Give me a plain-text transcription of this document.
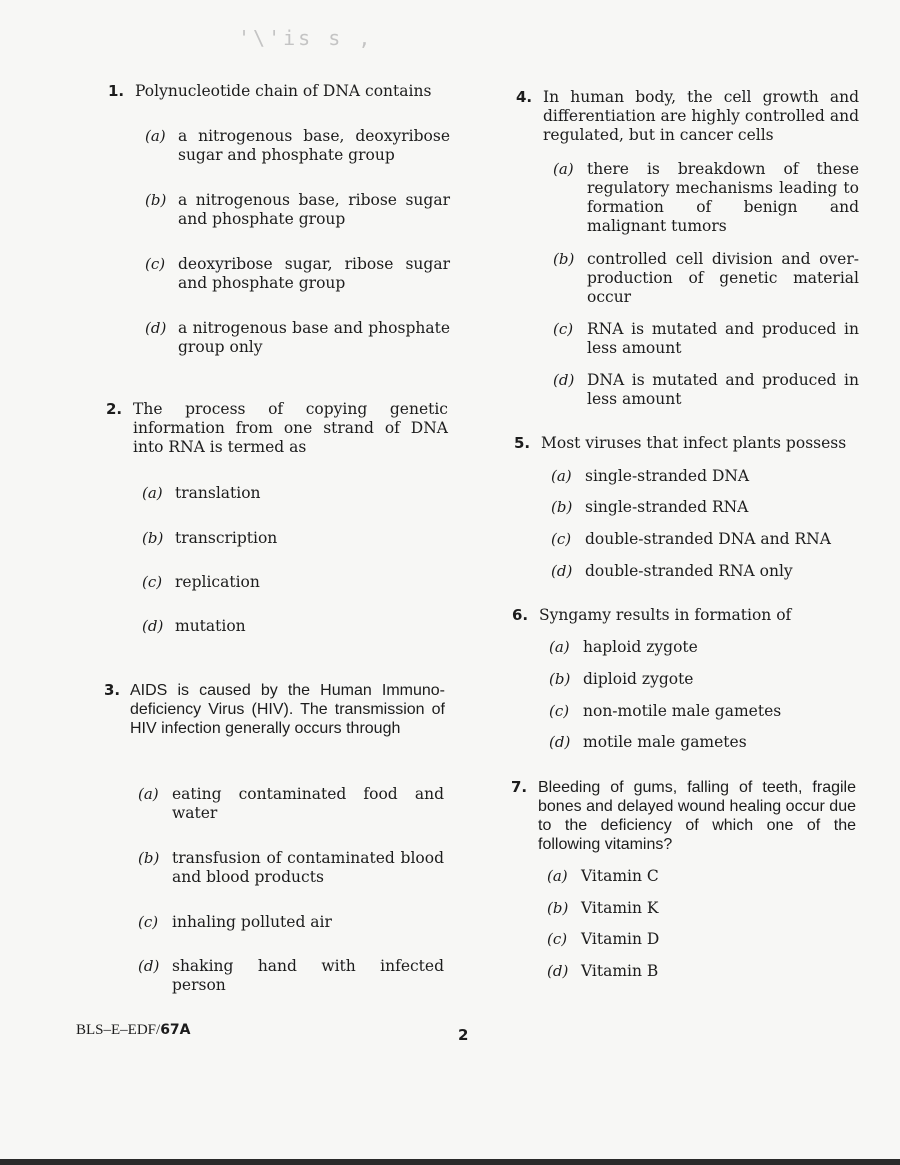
'\'is s ,
1. Polynucleotide chain of DNA contains
(a) a nitrogenous base, deoxyribose sugar and phosphate group
(b) a nitrogenous base, ribose sugar and phosphate group
(c) deoxyribose sugar, ribose sugar and phosphate group
(d) a nitrogenous base and phosphate group only
2. The process of copying genetic information from one strand of DNA into RNA is termed as
(a) translation
(b) transcription
(c) replication
(d) mutation
3. AIDS is caused by the Human Immuno-deficiency Virus (HIV). The transmission of HIV infection generally occurs through
(a) eating contaminated food and water
(b) transfusion of contaminated blood and blood products
(c) inhaling polluted air
(d) shaking hand with infected person
4. In human body, the cell growth and differentiation are highly controlled and regulated, but in cancer cells
(a) there is breakdown of these regulatory mechanisms leading to formation of benign and malignant tumors
(b) controlled cell division and over-production of genetic material occur
(c) RNA is mutated and produced in less amount
(d) DNA is mutated and produced in less amount
5. Most viruses that infect plants possess
(a) single-stranded DNA
(b) single-stranded RNA
(c) double-stranded DNA and RNA
(d) double-stranded RNA only
6. Syngamy results in formation of
(a) haploid zygote
(b) diploid zygote
(c) non-motile male gametes
(d) motile male gametes
7. Bleeding of gums, falling of teeth, fragile bones and delayed wound healing occur due to the deficiency of which one of the following vitamins?
(a) Vitamin C
(b) Vitamin K
(c) Vitamin D
(d) Vitamin B
BLS–E–EDF/67A	2
